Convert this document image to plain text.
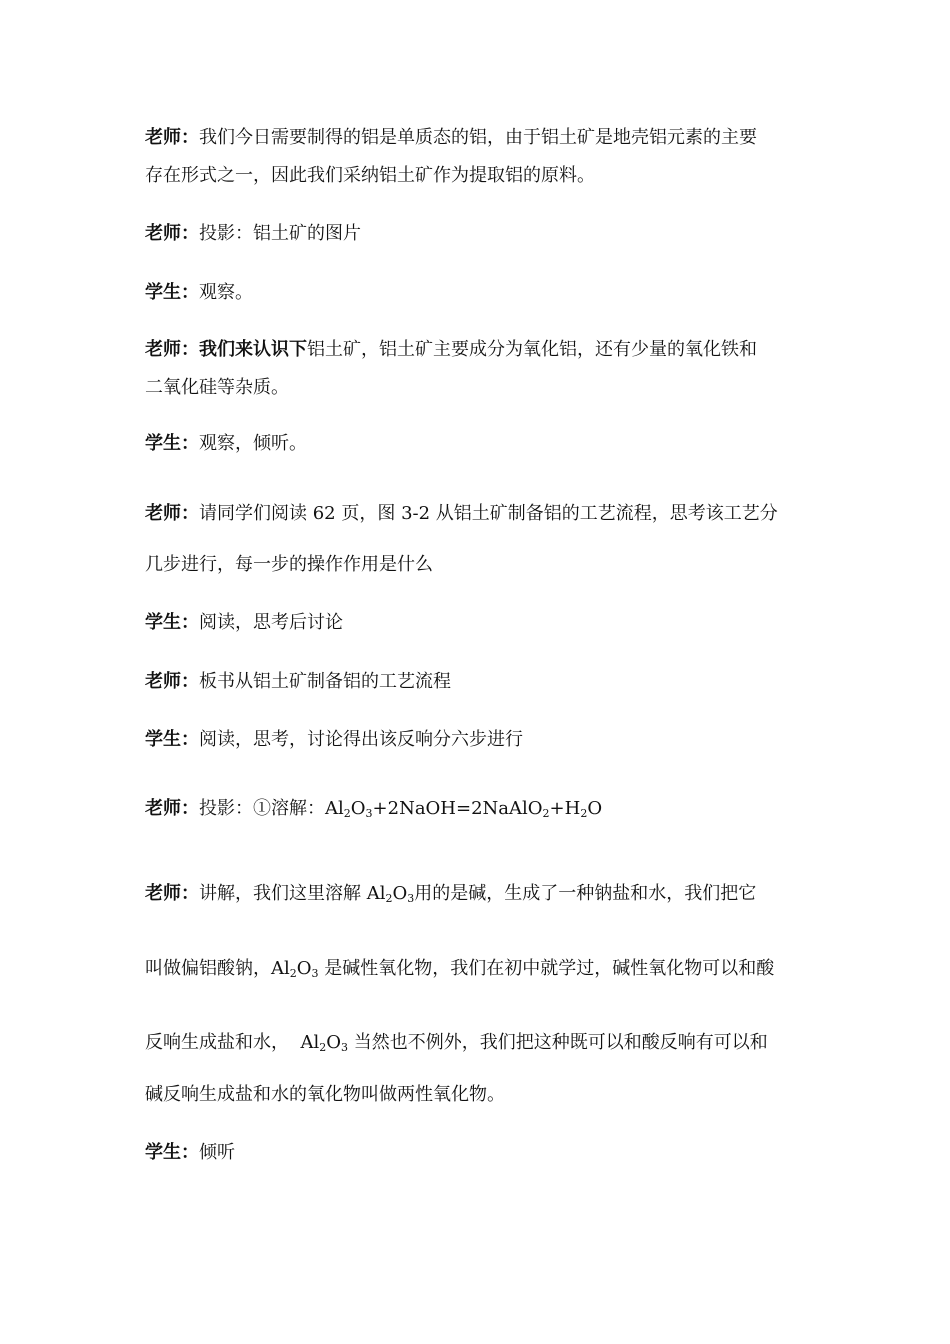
老师：我们今日需要制得的铝是单质态的铝，由于铝土矿是地壳铝元素的主要

存在形式之一，因此我们采纳铝土矿作为提取铝的原料。

老师：投影：铝土矿的图片

学生：观察。

老师：我们来认识下铝土矿，铝土矿主要成分为氧化铝，还有少量的氧化铁和

二氧化硅等杂质。

学生：观察，倾听。

老师：请同学们阅读 62 页，图 3-2 从铝土矿制备铝的工艺流程，思考该工艺分

几步进行，每一步的操作作用是什么

学生：阅读，思考后讨论

老师：板书从铝土矿制备铝的工艺流程

学生：阅读，思考，讨论得出该反响分六步进行

老师：投影：①溶解：$Al_2O_3+2NaOH=2NaAlO_2+H_2O$

老师：讲解，我们这里溶解 $Al_2O_3$用的是碱，生成了一种钠盐和水，我们把它

叫做偏铝酸钠，$Al_2O_3$ 是碱性氧化物，我们在初中就学过，碱性氧化物可以和酸

反响生成盐和水，  $Al_2O_3$ 当然也不例外，我们把这种既可以和酸反响有可以和

碱反响生成盐和水的氧化物叫做两性氧化物。

学生：倾听
